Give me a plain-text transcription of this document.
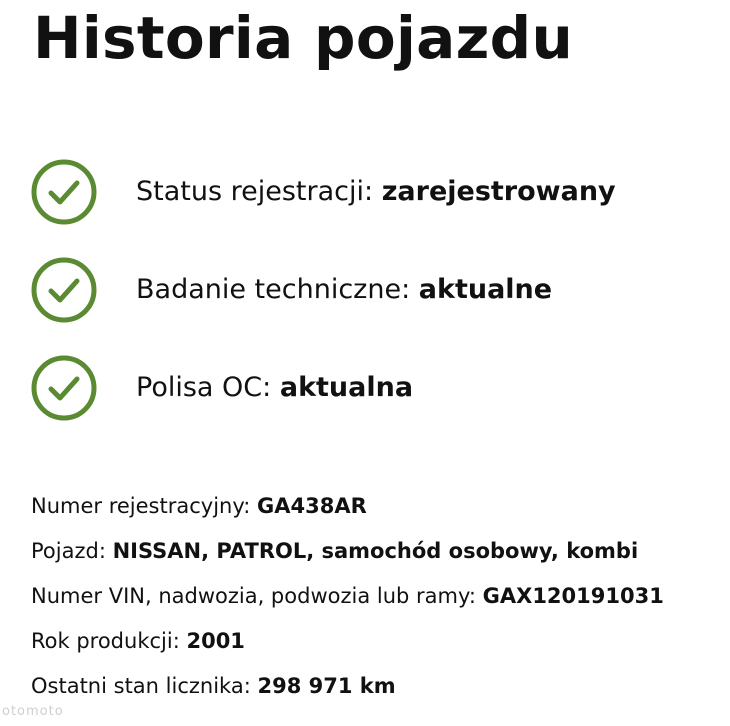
Historia pojazdu
Status rejestracji: zarejestrowany
Badanie techniczne: aktualne
Polisa OC: aktualna
Numer rejestracyjny: GA438AR
Pojazd: NISSAN, PATROL, samochód osobowy, kombi
Numer VIN, nadwozia, podwozia lub ramy: GAX120191031
Rok produkcji: 2001
Ostatni stan licznika: 298 971 km
otomoto
